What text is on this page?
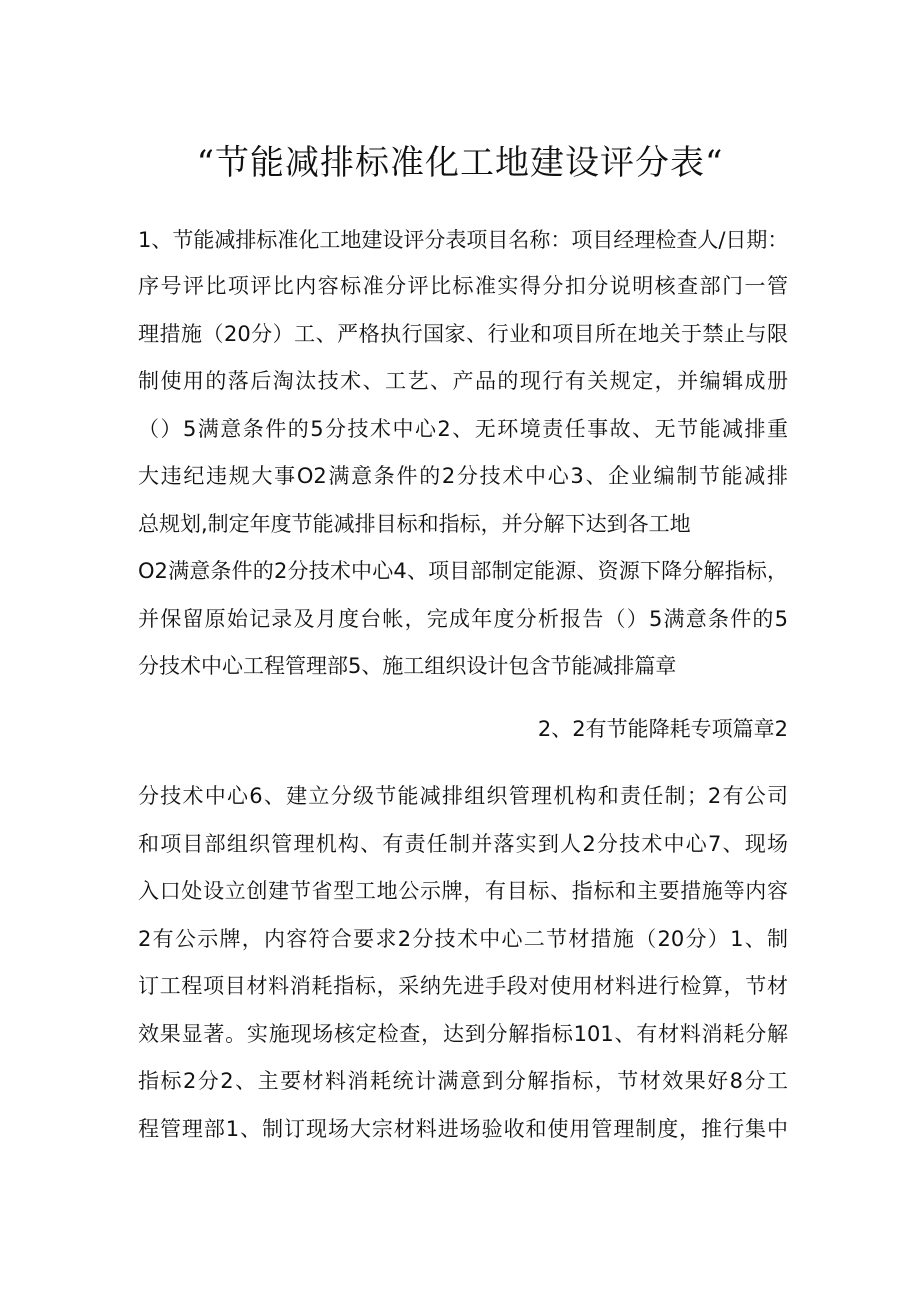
“节能减排标准化工地建设评分表“
1、节能减排标准化工地建设评分表项目名称：项目经理检查人/日期：
序号评比项评比内容标准分评比标准实得分扣分说明核查部门一管
理措施（20分）工、严格执行国家、行业和项目所在地关于禁止与限
制使用的落后淘汰技术、工艺、产品的现行有关规定，并编辑成册
（）5满意条件的5分技术中心2、无环境责任事故、无节能减排重
大违纪违规大事O2满意条件的2分技术中心3、企业编制节能减排
总规划,制定年度节能减排目标和指标，并分解下达到各工地
O2满意条件的2分技术中心4、项目部制定能源、资源下降分解指标，
并保留原始记录及月度台帐，完成年度分析报告（）5满意条件的5
分技术中心工程管理部5、施工组织设计包含节能减排篇章
2、2有节能降耗专项篇章2
分技术中心6、建立分级节能减排组织管理机构和责任制；2有公司
和项目部组织管理机构、有责任制并落实到人2分技术中心7、现场
入口处设立创建节省型工地公示牌，有目标、指标和主要措施等内容
2有公示牌，内容符合要求2分技术中心二节材措施（20分）1、制
订工程项目材料消耗指标，采纳先进手段对使用材料进行检算，节材
效果显著。实施现场核定检查，达到分解指标101、有材料消耗分解
指标2分2、主要材料消耗统计满意到分解指标，节材效果好8分工
程管理部1、制订现场大宗材料进场验收和使用管理制度，推行集中
